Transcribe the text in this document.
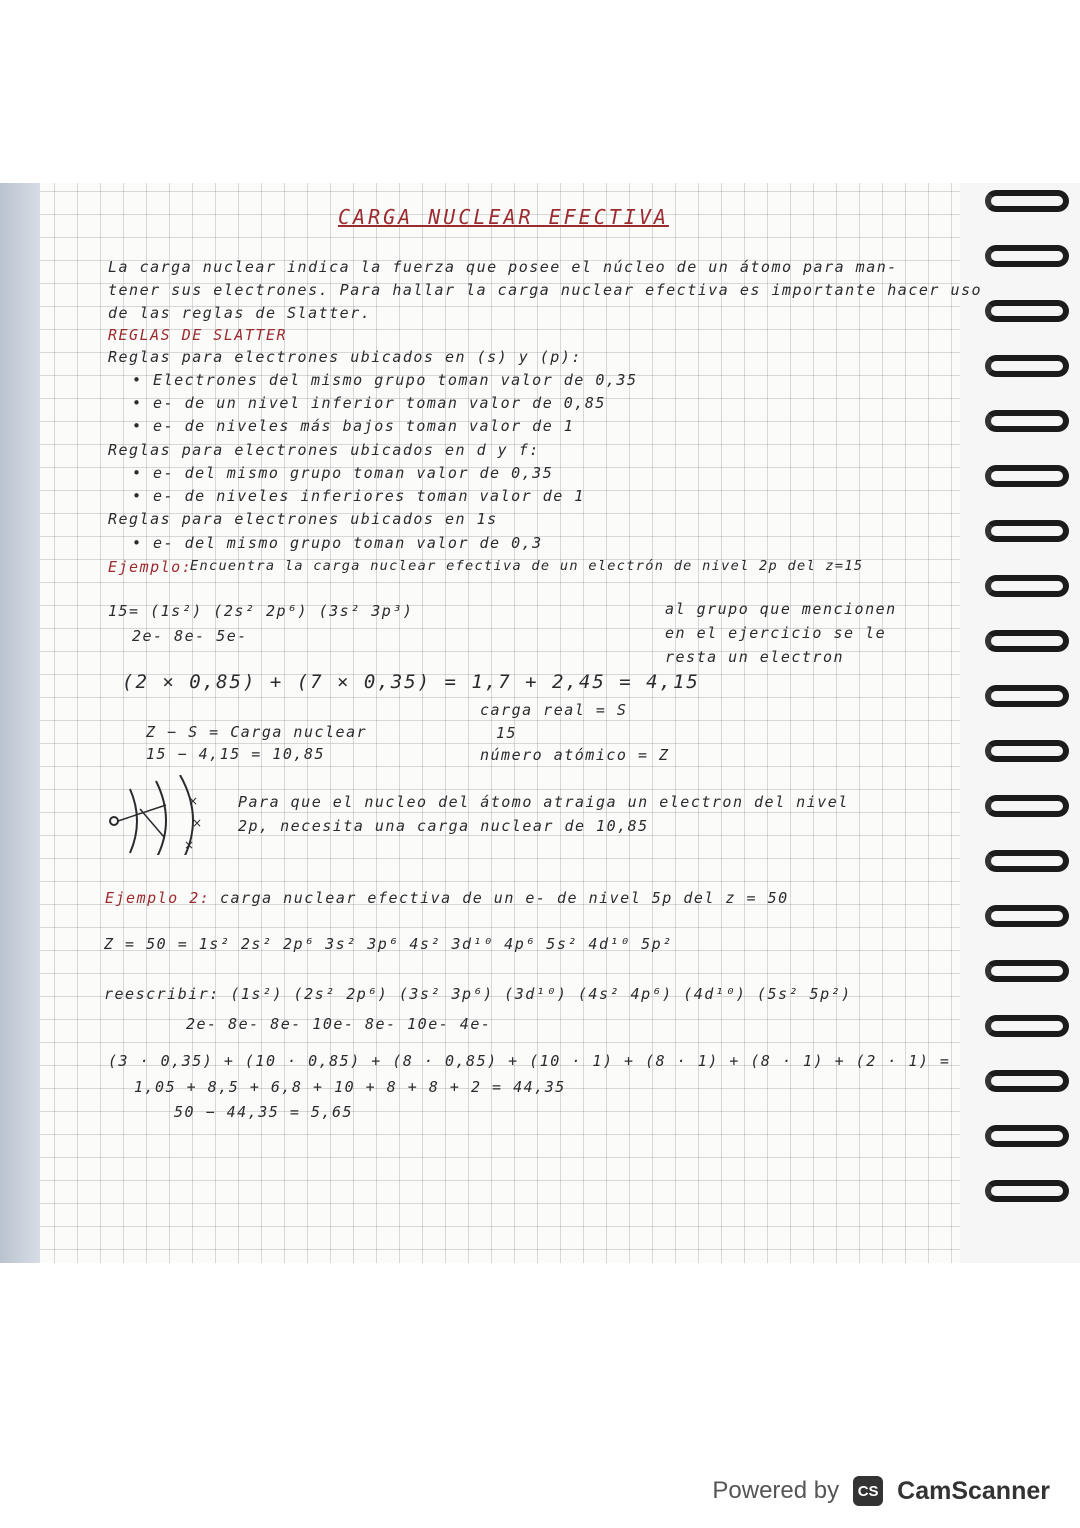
CARGA NUCLEAR EFECTIVA
La carga nuclear indica la fuerza que posee el núcleo de un átomo para man-
tener sus electrones. Para hallar la carga nuclear efectiva es importante hacer uso
de las reglas de Slatter.
REGLAS DE SLATTER
Reglas para electrones ubicados en (s) y (p):
• Electrones del mismo grupo toman valor de 0,35
• e- de un nivel inferior toman valor de 0,85
• e- de niveles más bajos toman valor de 1
Reglas para electrones ubicados en d y f:
• e- del mismo grupo toman valor de 0,35
• e- de niveles inferiores toman valor de 1
Reglas para electrones ubicados en 1s
• e- del mismo grupo toman valor de 0,3
Ejemplo:
Encuentra la carga nuclear efectiva de un electrón de nivel 2p del z=15
15= (1s²) (2s² 2p⁶) (3s² 3p³)
2e- 8e- 5e-
al grupo que mencionen
en el ejercicio se le
resta un electron
(2 × 0,85) + (7 × 0,35) = 1,7 + 2,45 = 4,15
carga real = S
15
número atómico = Z
Z − S = Carga nuclear
15 − 4,15 = 10,85
×
×
×
Para que el nucleo del átomo atraiga un electron del nivel
2p, necesita una carga nuclear de 10,85
Ejemplo 2: carga nuclear efectiva de un e- de nivel 5p del z = 50
Z = 50 = 1s² 2s² 2p⁶ 3s² 3p⁶ 4s² 3d¹⁰ 4p⁶ 5s² 4d¹⁰ 5p²
reescribir: (1s²) (2s² 2p⁶) (3s² 3p⁶) (3d¹⁰) (4s² 4p⁶) (4d¹⁰) (5s² 5p²)
2e- 8e- 8e- 10e- 8e- 10e- 4e-
(3 · 0,35) + (10 · 0,85) + (8 · 0,85) + (10 · 1) + (8 · 1) + (8 · 1) + (2 · 1) =
1,05 + 8,5 + 6,8 + 10 + 8 + 8 + 2 = 44,35
50 − 44,35 = 5,65
Powered by	CS CamScanner
